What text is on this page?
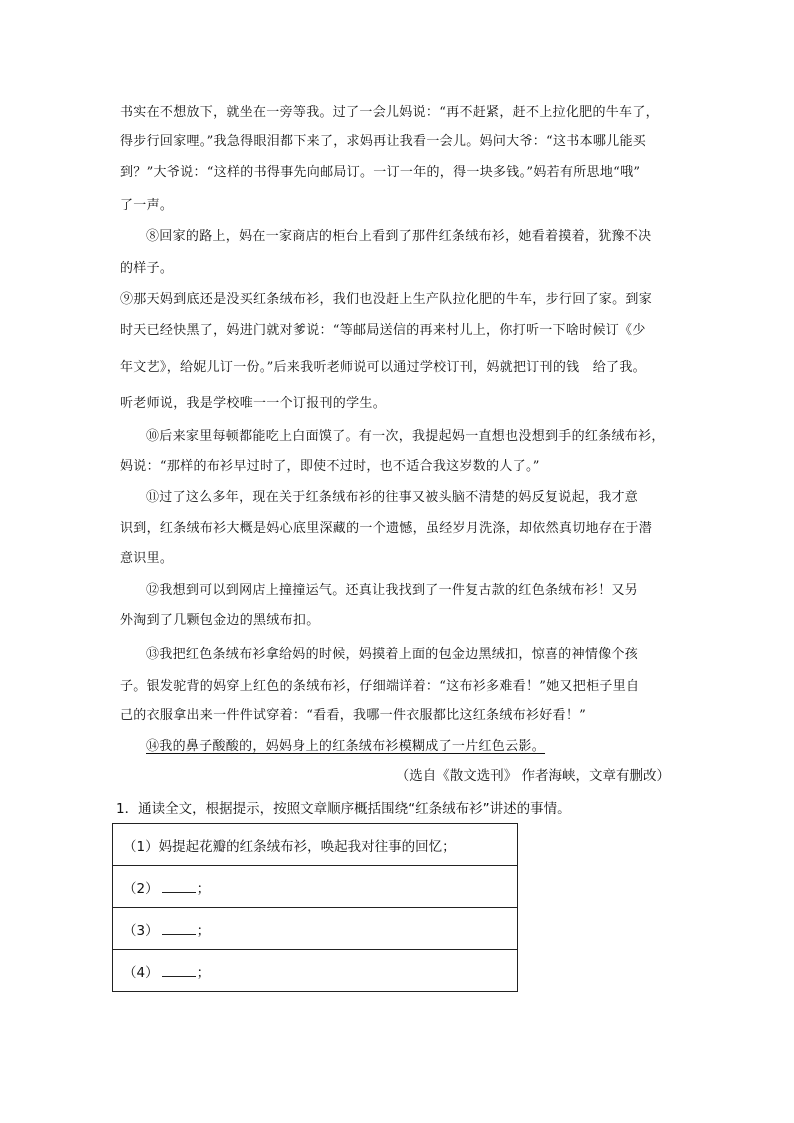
书实在不想放下，就坐在一旁等我。过了一会儿妈说：“再不赶紧，赶不上拉化肥的牛车了，
得步行回家哩。”我急得眼泪都下来了，求妈再让我看一会儿。妈问大爷：“这书本哪儿能买
到？”大爷说：“这样的书得事先向邮局订。一订一年的，得一块多钱。”妈若有所思地“哦”
了一声。
⑧回家的路上，妈在一家商店的柜台上看到了那件红条绒布衫，她看着摸着，犹豫不决
的样子。
⑨那天妈到底还是没买红条绒布衫，我们也没赶上生产队拉化肥的牛车，步行回了家。到家
时天已经快黑了，妈进门就对爹说：“等邮局送信的再来村儿上，你打听一下啥时候订《少
年文艺》，给妮儿订一份。”后来我听老师说可以通过学校订刊，妈就把订刊的钱　给了我。
听老师说，我是学校唯一一个订报刊的学生。
⑩后来家里每顿都能吃上白面馍了。有一次，我提起妈一直想也没想到手的红条绒布衫，
妈说：“那样的布衫早过时了，即使不过时，也不适合我这岁数的人了。”
⑪过了这么多年，现在关于红条绒布衫的往事又被头脑不清楚的妈反复说起，我才意
识到，红条绒布衫大概是妈心底里深藏的一个遗憾，虽经岁月洗涤，却依然真切地存在于潜
意识里。
⑫我想到可以到网店上撞撞运气。还真让我找到了一件复古款的红色条绒布衫！又另
外淘到了几颗包金边的黑绒布扣。
⑬我把红色条绒布衫拿给妈的时候，妈摸着上面的包金边黑绒扣，惊喜的神情像个孩
子。银发驼背的妈穿上红色的条绒布衫，仔细端详着：“这布衫多难看！”她又把柜子里自
己的衣服拿出来一件件试穿着：“看看，我哪一件衣服都比这红条绒布衫好看！”
⑭我的鼻子酸酸的，妈妈身上的红条绒布衫模糊成了一片红色云影。
（选自《散文选刊》 作者海峡，文章有删改）
1．通读全文，根据提示，按照文章顺序概括围绕“红条绒布衫”讲述的事情。
（1）妈提起花瓣的红条绒布衫，唤起我对往事的回忆；
（2）	；
（3）	；
（4）	；
